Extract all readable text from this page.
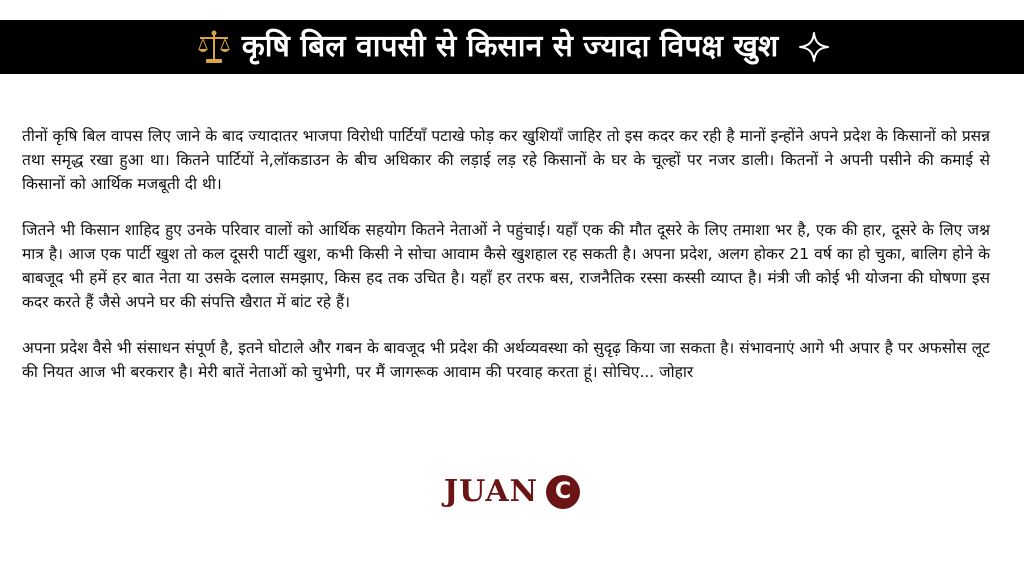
कृषि बिल वापसी से किसान से ज्यादा विपक्ष खुश

तीनों कृषि बिल वापस लिए जाने के बाद ज्यादातर भाजपा विरोधी पार्टियाँ पटाखे फोड़ कर खुशियाँ जाहिर तो इस कदर कर रही है मानों इन्होंने अपने प्रदेश के किसानों को प्रसन्न तथा समृद्ध रखा हुआ था। कितने पार्टियों ने,लॉकडाउन के बीच अधिकार की लड़ाई लड़ रहे किसानों के घर के चूल्हों पर नजर डाली। कितनों ने अपनी पसीने की कमाई से किसानों को आर्थिक मजबूती दी थी।

जितने भी किसान शाहिद हुए उनके परिवार वालों को आर्थिक सहयोग कितने नेताओं ने पहुंचाई। यहाँ एक की मौत दूसरे के लिए तमाशा भर है, एक की हार, दूसरे के लिए जश्न मात्र है। आज एक पार्टी खुश तो कल दूसरी पार्टी खुश, कभी किसी ने सोचा आवाम कैसे खुशहाल रह सकती है। अपना प्रदेश, अलग होकर 21 वर्ष का हो चुका, बालिग होने के बाबजूद भी हमें हर बात नेता या उसके दलाल समझाए, किस हद तक उचित है। यहाँ हर तरफ बस, राजनैतिक रस्सा कस्सी व्याप्त है। मंत्री जी कोई भी योजना की घोषणा इस कदर करते हैं जैसे अपने घर की संपत्ति खैरात में बांट रहे हैं।

अपना प्रदेश वैसे भी संसाधन संपूर्ण है, इतने घोटाले और गबन के बावजूद भी प्रदेश की अर्थव्यवस्था को सुदृढ़ किया जा सकता है। संभावनाएं आगे भी अपार है पर अफसोस लूट की नियत आज भी बरकरार है। मेरी बातें नेताओं को चुभेगी, पर मैं जागरूक आवाम की परवाह करता हूं। सोचिए... जोहार

JUAN C
